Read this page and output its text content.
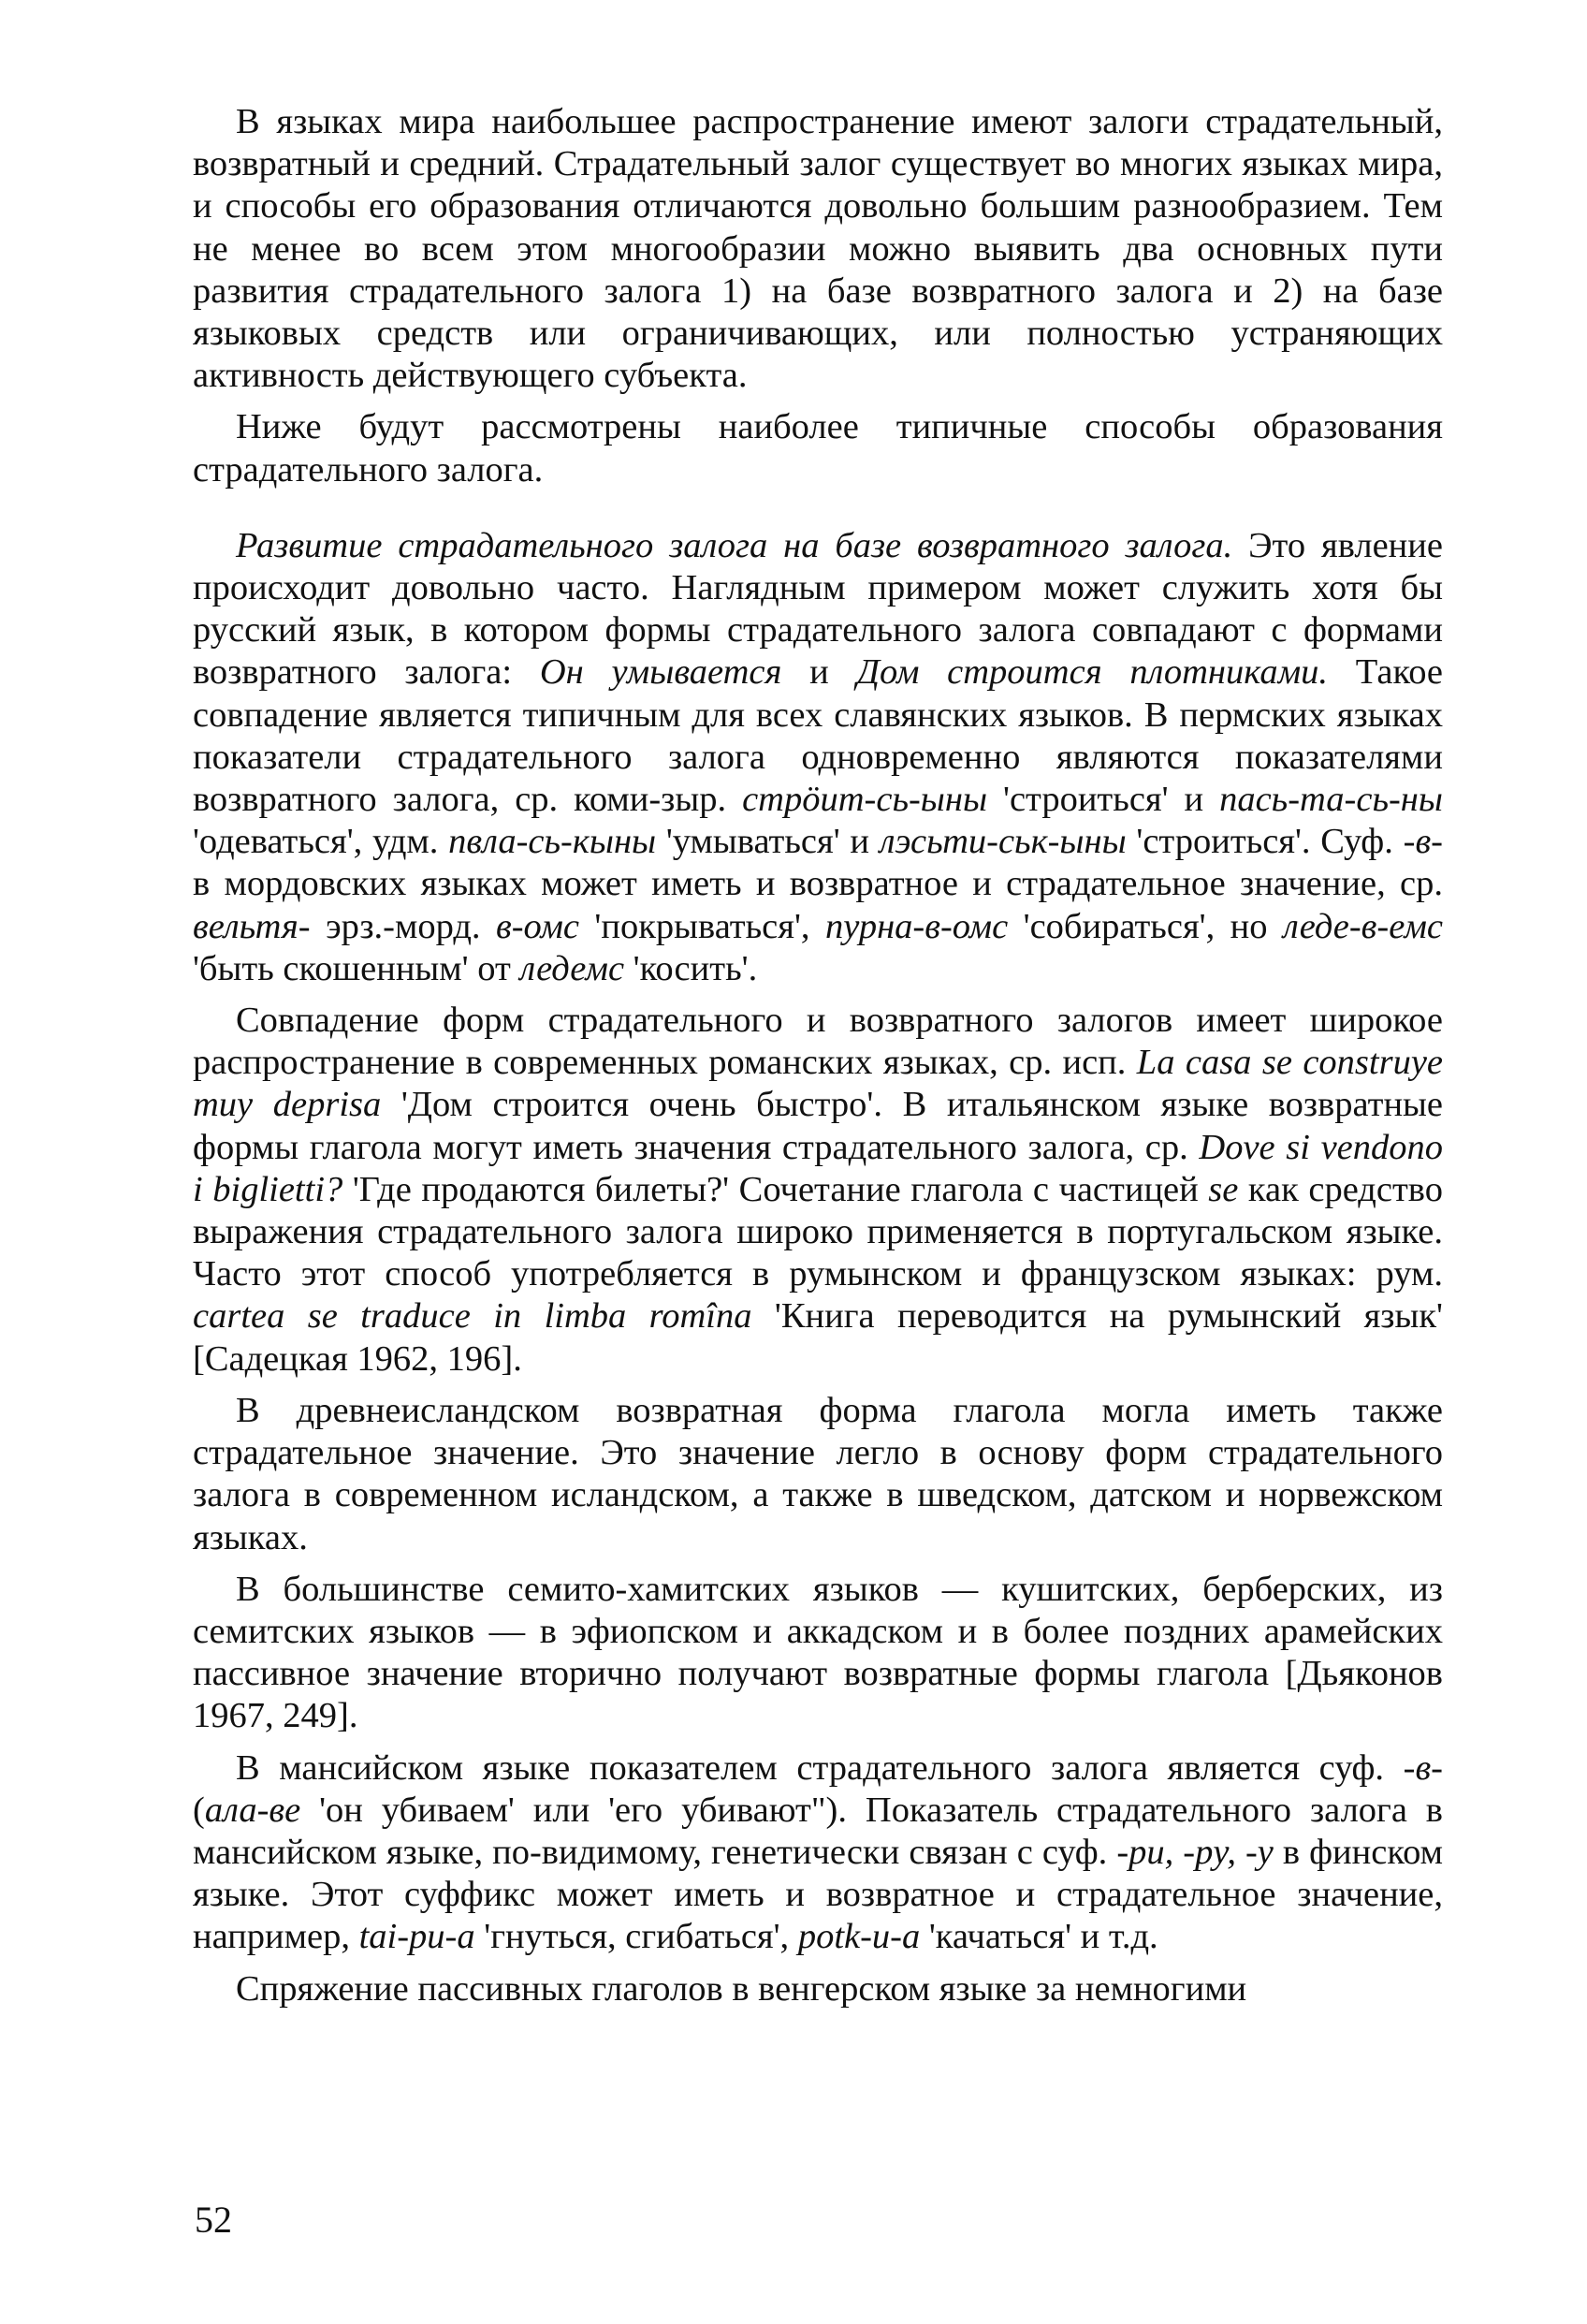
В языках мира наибольшее распространение имеют залоги страдательный, возвратный и средний. Страдательный залог существует во многих языках мира, и способы его образования отличаются довольно большим разнообразием. Тем не менее во всем этом многообразии можно выявить два основных пути развития страдательного залога 1) на базе возвратного залога и 2) на базе языковых средств или ограничивающих, или полностью устраняющих активность действующего субъекта.

Ниже будут рассмотрены наиболее типичные способы образования страдательного залога.

Развитие страдательного залога на базе возвратного залога. Это явление происходит довольно часто. Наглядным примером может служить хотя бы русский язык, в котором формы страдательного залога совпадают с формами возвратного залога: Он умывается и Дом строится плотниками. Такое совпадение является типичным для всех славянских языков. В пермских языках показатели страдательного залога одновременно являются показателями возвратного залога, ср. коми-зыр. стрöит-сь-ыны 'строиться' и пась-та-сь-ны 'одеваться', удм. пвла-сь-кыны 'умываться' и лэсьти-ськ-ыны 'строиться'. Суф. -в- в мордовских языках может иметь и возвратное и страдательное значение, ср. вельтя- эрз.-морд. в-омс 'покрываться', пурна-в-омс 'собираться', но леде-в-емс 'быть скошенным' от ледемс 'косить'.

Совпадение форм страдательного и возвратного залогов имеет широкое распространение в современных романских языках, ср. исп. La casa se construye muy deprisa 'Дом строится очень быстро'. В итальянском языке возвратные формы глагола могут иметь значения страдательного залога, ср. Dove si vendono i biglietti? 'Где продаются билеты?' Сочетание глагола с частицей se как средство выражения страдательного залога широко применяется в португальском языке. Часто этот способ употребляется в румынском и французском языках: рум. cartea se traduce in limba romîna 'Книга переводится на румынский язык' [Садецкая 1962, 196].

В древнеисландском возвратная форма глагола могла иметь также страдательное значение. Это значение легло в основу форм страдательного залога в современном исландском, а также в шведском, датском и норвежском языках.

В большинстве семито-хамитских языков — кушитских, берберских, из семитских языков — в эфиопском и аккадском и в более поздних арамейских пассивное значение вторично получают возвратные формы глагола [Дьяконов 1967, 249].

В мансийском языке показателем страдательного залога является суф. -в- (ала-ве 'он убиваем' или 'его убивают"). Показатель страдательного залога в мансийском языке, по-видимому, генетически связан с суф. -pu, -py, -y в финском языке. Этот суффикс может иметь и возвратное и страдательное значение, например, tai-pu-a 'гнуться, сгибаться', potk-u-a 'качаться' и т.д.

Спряжение пассивных глаголов в венгерском языке за немногими

52
